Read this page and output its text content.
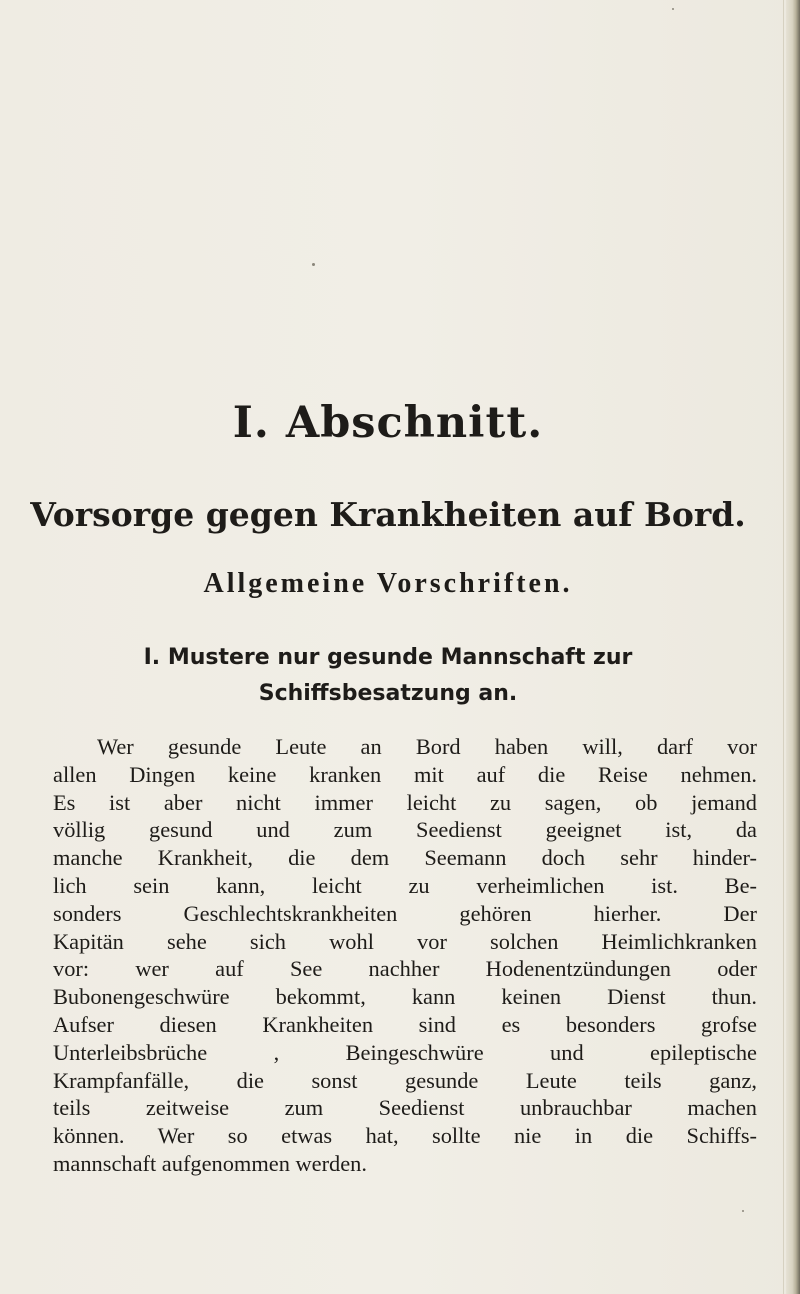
I. Abschnitt.
Vorsorge gegen Krankheiten auf Bord.
Allgemeine Vorschriften.
I. Mustere nur gesunde Mannschaft zur
Schiffsbesatzung an.

Wer gesunde Leute an Bord haben will, darf vor
allen Dingen keine kranken mit auf die Reise nehmen.
Es ist aber nicht immer leicht zu sagen, ob jemand
völlig gesund und zum Seedienst geeignet ist, da
manche Krankheit, die dem Seemann doch sehr hinder-
lich sein kann, leicht zu verheimlichen ist. Be-
sonders Geschlechtskrankheiten gehören hierher. Der
Kapitän sehe sich wohl vor solchen Heimlichkranken
vor: wer auf See nachher Hodenentzündungen oder
Bubonengeschwüre bekommt, kann keinen Dienst thun.
Aufser diesen Krankheiten sind es besonders grofse
Unterleibsbrüche , Beingeschwüre und epileptische
Krampfanfälle, die sonst gesunde Leute teils ganz,
teils zeitweise zum Seedienst unbrauchbar machen
können. Wer so etwas hat, sollte nie in die Schiffs-
mannschaft aufgenommen werden.
